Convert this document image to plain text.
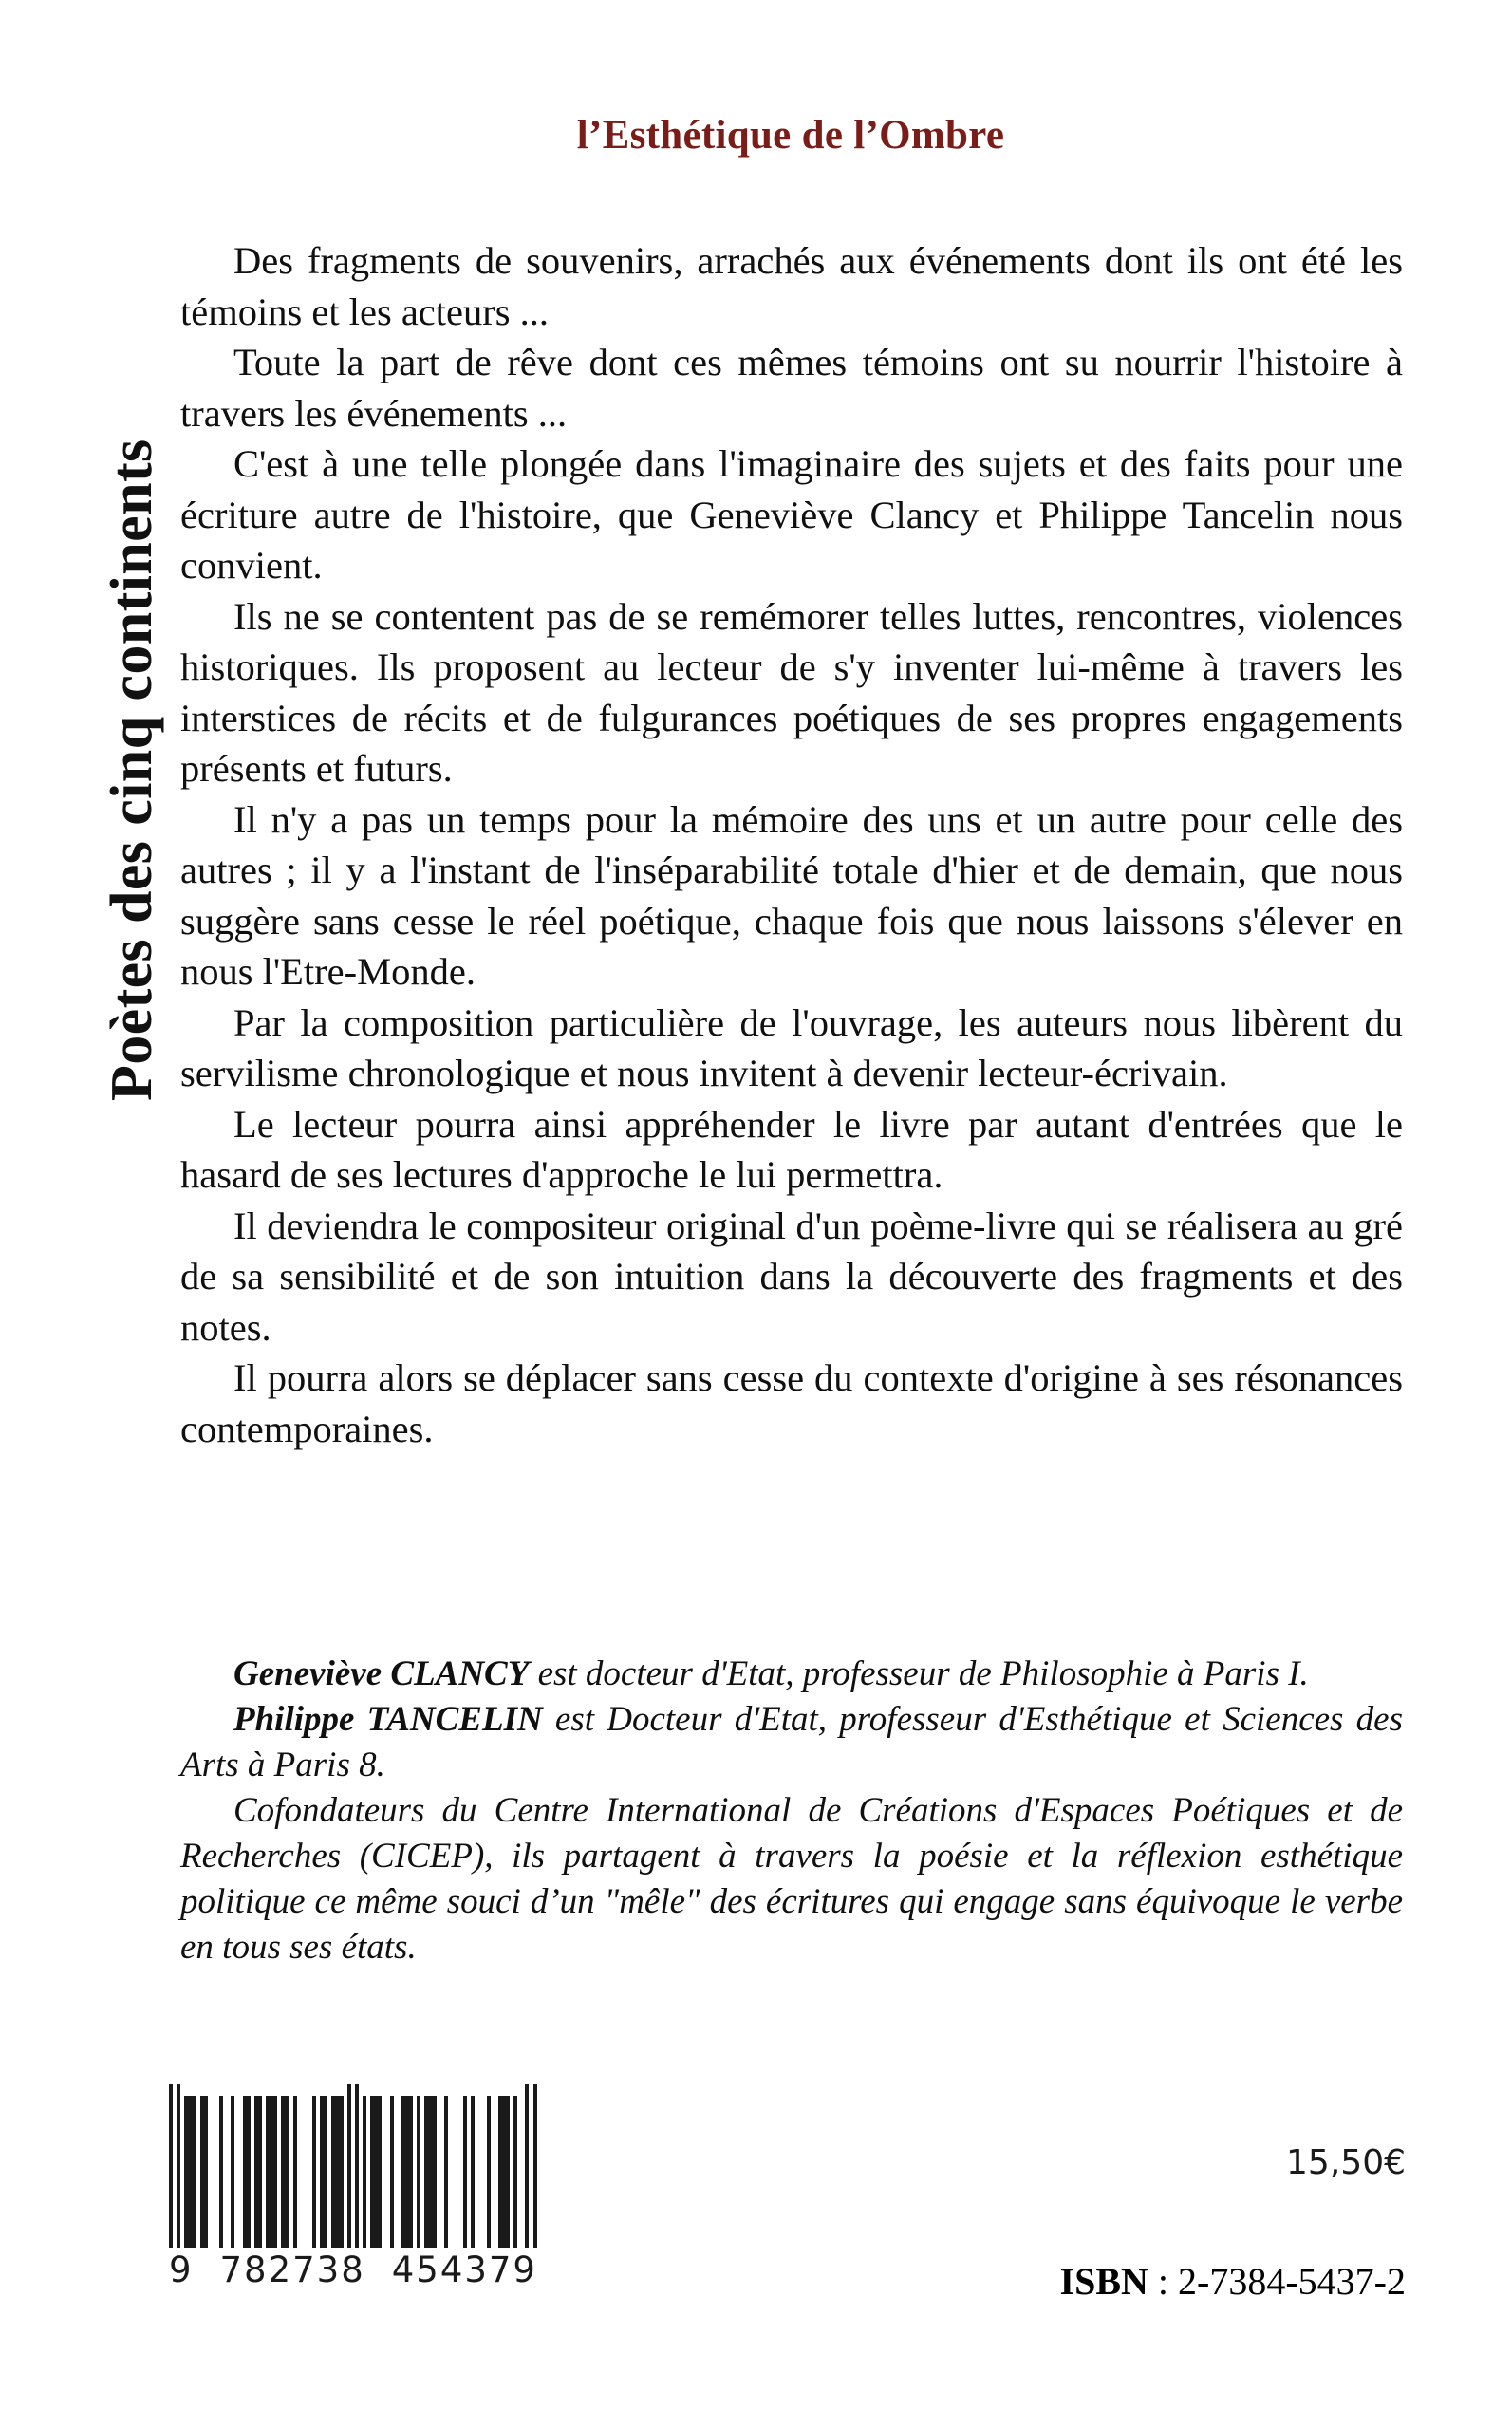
Poètes des cinq continents
l’Esthétique de l’Ombre

Des fragments de souvenirs, arrachés aux événements dont ils ont été les témoins et les acteurs ...

Toute la part de rêve dont ces mêmes témoins ont su nourrir l'histoire à travers les événements ...

C'est à une telle plongée dans l'imaginaire des sujets et des faits pour une écriture autre de l'histoire, que Geneviève Clancy et Philippe Tancelin nous convient.

Ils ne se contentent pas de se remémorer telles luttes, rencontres, violences historiques. Ils proposent au lecteur de s'y inventer lui-même à travers les interstices de récits et de fulgurances poétiques de ses propres engagements présents et futurs.

Il n'y a pas un temps pour la mémoire des uns et un autre pour celle des autres ; il y a l'instant de l'inséparabilité totale d'hier et de demain, que nous suggère sans cesse le réel poétique, chaque fois que nous laissons s'élever en nous l'Etre-Monde.

Par la composition particulière de l'ouvrage, les auteurs nous libèrent du servilisme chronologique et nous invitent à devenir lecteur-écrivain.

Le lecteur pourra ainsi appréhender le livre par autant d'entrées que le hasard de ses lectures d'approche le lui permettra.

Il deviendra le compositeur original d'un poème-livre qui se réalisera au gré de sa sensibilité et de son intuition dans la découverte des fragments et des notes.

Il pourra alors se déplacer sans cesse du contexte d'origine à ses résonances contemporaines.

Geneviève CLANCY est docteur d'Etat, professeur de Philosophie à Paris I.

Philippe TANCELIN est Docteur d'Etat, professeur d'Esthétique et Sciences des Arts à Paris 8.

Cofondateurs du Centre International de Créations d'Espaces Poétiques et de Recherches (CICEP), ils partagent à travers la poésie et la réflexion esthétique politique ce même souci d’un "mêle" des écritures qui engage sans équivoque le verbe en tous ses états.

9 782738 454379
15,50€
ISBN : 2-7384-5437-2
